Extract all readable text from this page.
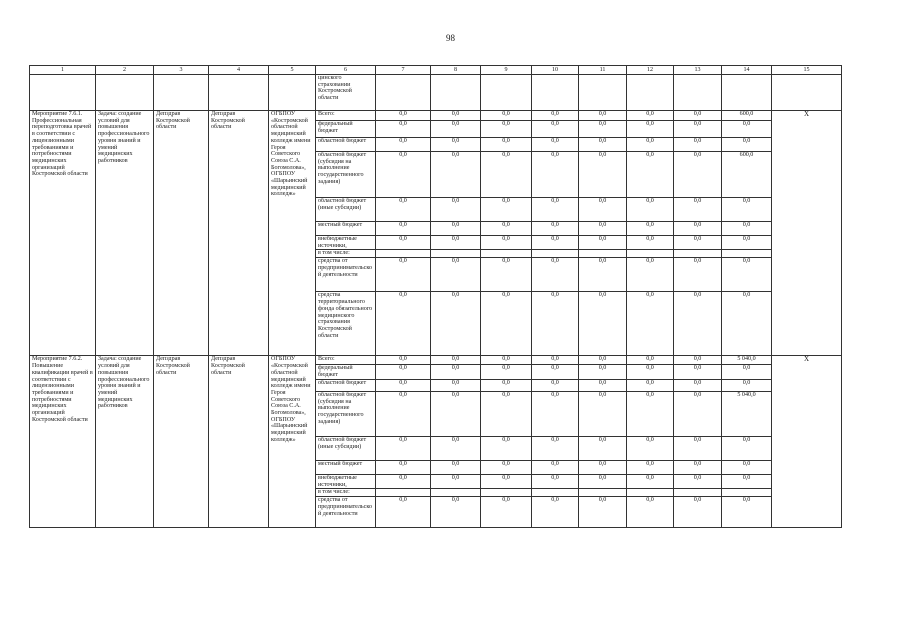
98
1	2	3	4	5	6	7	8	9	10	11	12	13	14	15
					цинского страховании Костромской области									
Мероприятие 7.6.1. Профессиональная переподготовка врачей в соответствии с лицензионными требованиями и потребностями медицинских организаций Костромской области	Задача: создание условий для повышения профессионального уровня знаний и умений медицинских работников	Депздрав Костромской области	Депздрав Костромской области	ОГБПОУ «Костромской областной медицинский колледж имени Героя Советского Союза С.А. Богомолова», ОГБПОУ «Шарьинский медицинский колледж»	Всего:	0,0	0,0	0,0	0,0	0,0	0,0	0,0	600,0	X
					федеральный бюджет	0,0	0,0	0,0	0,0	0,0	0,0	0,0	0,0	
					областной бюджет	0,0	0,0	0,0	0,0	0,0	0,0	0,0	0,0	
					областной бюджет (субсидия на выполнение государственного задания)	0,0	0,0	0,0	0,0	0,0	0,0	0,0	600,0	
					областной бюджет (иные субсидии)	0,0	0,0	0,0	0,0	0,0	0,0	0,0	0,0	
					местный бюджет	0,0	0,0	0,0	0,0	0,0	0,0	0,0	0,0	
					внебюджетные источники,	0,0	0,0	0,0	0,0	0,0	0,0	0,0	0,0	
					в том числе:									
					средства от предпринимательской деятельности	0,0	0,0	0,0	0,0	0,0	0,0	0,0	0,0	
					средства территориального фонда обязательного медицинского страхования Костромской области	0,0	0,0	0,0	0,0	0,0	0,0	0,0	0,0	
Мероприятие 7.6.2. Повышение квалификации врачей в соответствии с лицензионными требованиями и потребностями медицинских организаций Костромской области	Задача: создание условий для повышения профессионального уровня знаний и умений медицинских работников	Депздрав Костромской области	Депздрав Костромской области	ОГБПОУ «Костромской областной медицинский колледж имени Героя Советского Союза С.А. Богомолова», ОГБПОУ «Шарьинский медицинский колледж»	Всего:	0,0	0,0	0,0	0,0	0,0	0,0	0,0	5 040,0	X
					федеральный бюджет	0,0	0,0	0,0	0,0	0,0	0,0	0,0	0,0	
					областной бюджет	0,0	0,0	0,0	0,0	0,0	0,0	0,0	0,0	
					областной бюджет (субсидия на выполнение государственного задания)	0,0	0,0	0,0	0,0	0,0	0,0	0,0	5 040,0	
					областной бюджет (иные субсидии)	0,0	0,0	0,0	0,0	0,0	0,0	0,0	0,0	
					местный бюджет	0,0	0,0	0,0	0,0	0,0	0,0	0,0	0,0	
					внебюджетные источники,	0,0	0,0	0,0	0,0	0,0	0,0	0,0	0,0	
					в том числе:									
					средства от предпринимательской деятельности	0,0	0,0	0,0	0,0	0,0	0,0	0,0	0,0	
